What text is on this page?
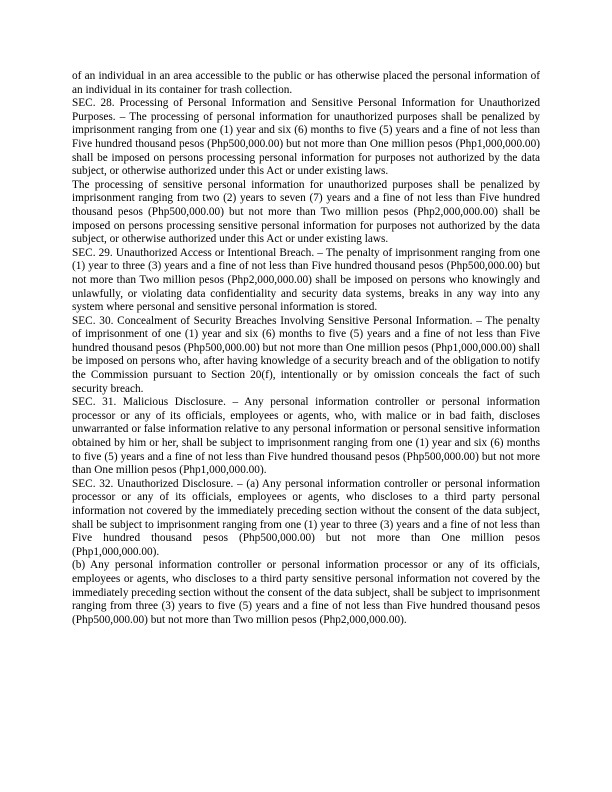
of an individual in an area accessible to the public or has otherwise placed the personal information of an individual in its container for trash collection.

SEC. 28. Processing of Personal Information and Sensitive Personal Information for Unauthorized Purposes. – The processing of personal information for unauthorized purposes shall be penalized by imprisonment ranging from one (1) year and six (6) months to five (5) years and a fine of not less than Five hundred thousand pesos (Php500,000.00) but not more than One million pesos (Php1,000,000.00) shall be imposed on persons processing personal information for purposes not authorized by the data subject, or otherwise authorized under this Act or under existing laws.

The processing of sensitive personal information for unauthorized purposes shall be penalized by imprisonment ranging from two (2) years to seven (7) years and a fine of not less than Five hundred thousand pesos (Php500,000.00) but not more than Two million pesos (Php2,000,000.00) shall be imposed on persons processing sensitive personal information for purposes not authorized by the data subject, or otherwise authorized under this Act or under existing laws.

SEC. 29. Unauthorized Access or Intentional Breach. – The penalty of imprisonment ranging from one (1) year to three (3) years and a fine of not less than Five hundred thousand pesos (Php500,000.00) but not more than Two million pesos (Php2,000,000.00) shall be imposed on persons who knowingly and unlawfully, or violating data confidentiality and security data systems, breaks in any way into any system where personal and sensitive personal information is stored.

SEC. 30. Concealment of Security Breaches Involving Sensitive Personal Information. – The penalty of imprisonment of one (1) year and six (6) months to five (5) years and a fine of not less than Five hundred thousand pesos (Php500,000.00) but not more than One million pesos (Php1,000,000.00) shall be imposed on persons who, after having knowledge of a security breach and of the obligation to notify the Commission pursuant to Section 20(f), intentionally or by omission conceals the fact of such security breach.

SEC. 31. Malicious Disclosure. – Any personal information controller or personal information processor or any of its officials, employees or agents, who, with malice or in bad faith, discloses unwarranted or false information relative to any personal information or personal sensitive information obtained by him or her, shall be subject to imprisonment ranging from one (1) year and six (6) months to five (5) years and a fine of not less than Five hundred thousand pesos (Php500,000.00) but not more than One million pesos (Php1,000,000.00).

SEC. 32. Unauthorized Disclosure. – (a) Any personal information controller or personal information processor or any of its officials, employees or agents, who discloses to a third party personal information not covered by the immediately preceding section without the consent of the data subject, shall be subject to imprisonment ranging from one (1) year to three (3) years and a fine of not less than Five hundred thousand pesos (Php500,000.00) but not more than One million pesos (Php1,000,000.00).

(b) Any personal information controller or personal information processor or any of its officials, employees or agents, who discloses to a third party sensitive personal information not covered by the immediately preceding section without the consent of the data subject, shall be subject to imprisonment ranging from three (3) years to five (5) years and a fine of not less than Five hundred thousand pesos (Php500,000.00) but not more than Two million pesos (Php2,000,000.00).
